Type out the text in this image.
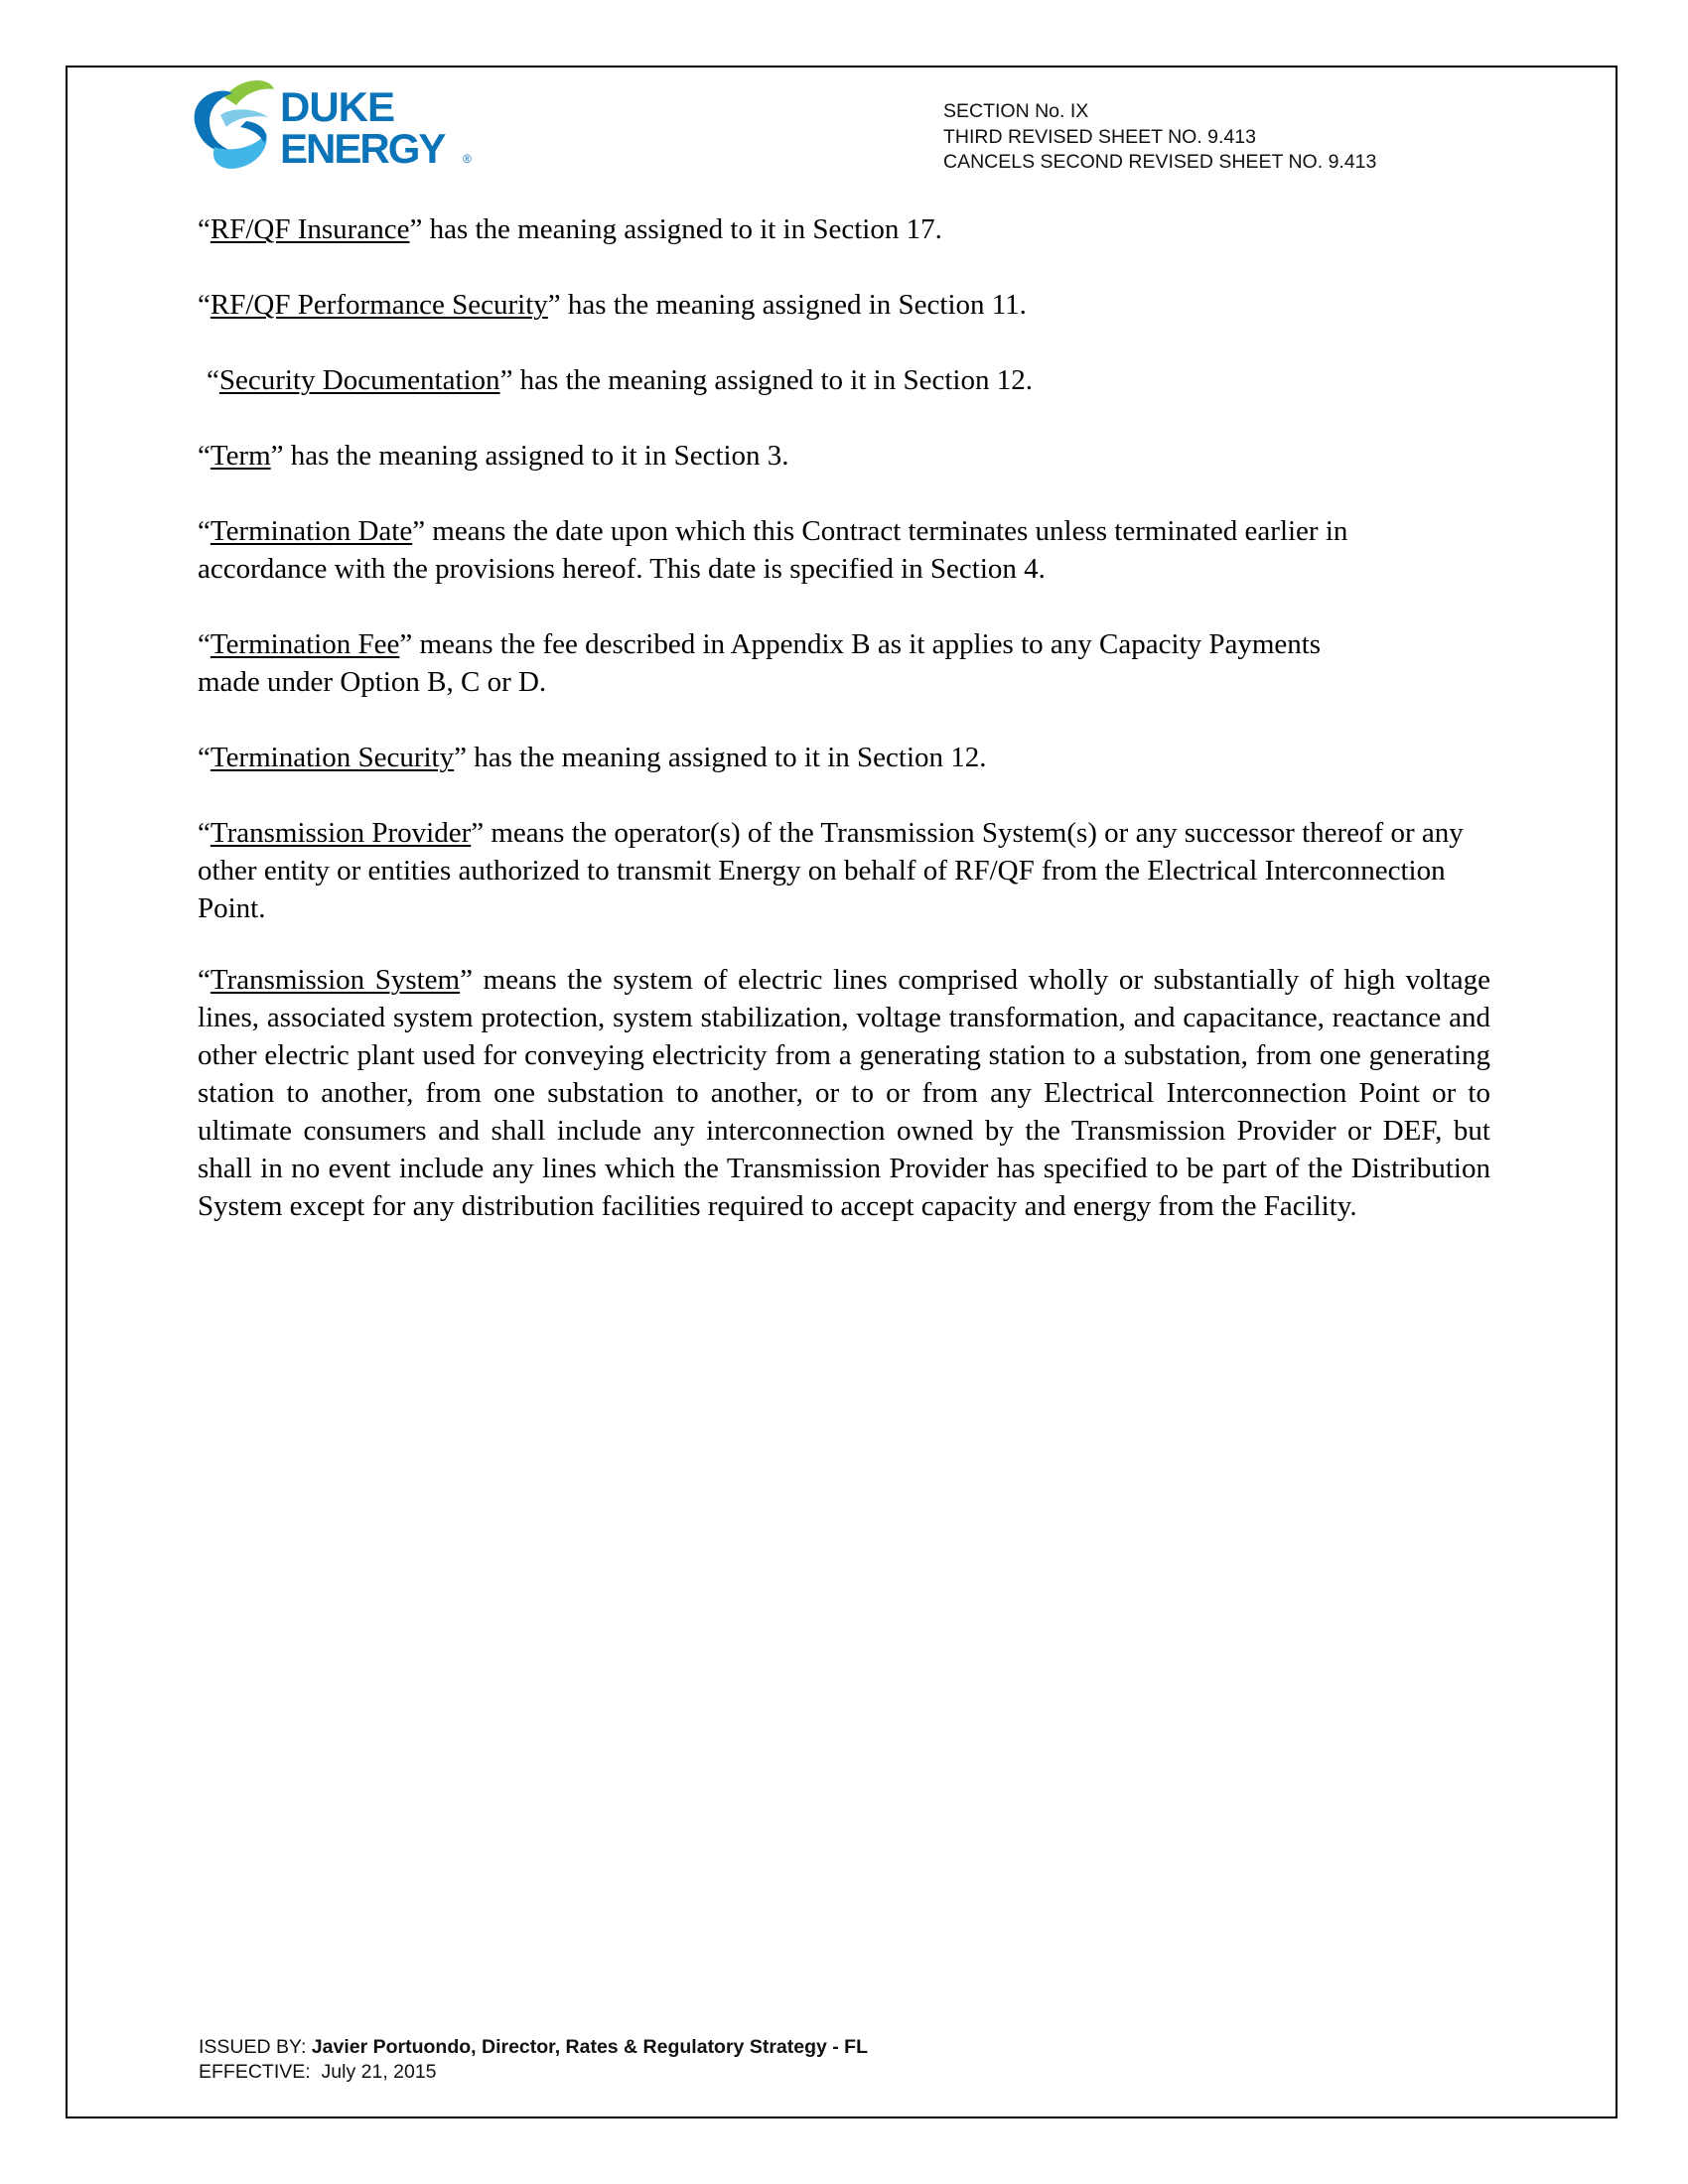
DUKE
ENERGY ®
SECTION No. IX
THIRD REVISED SHEET NO. 9.413
CANCELS SECOND REVISED SHEET NO. 9.413

“RF/QF Insurance” has the meaning assigned to it in Section 17.

“RF/QF Performance Security” has the meaning assigned in Section 11.

“Security Documentation” has the meaning assigned to it in Section 12.

“Term” has the meaning assigned to it in Section 3.

“Termination Date” means the date upon which this Contract terminates unless terminated earlier in accordance with the provisions hereof. This date is specified in Section 4.

“Termination Fee” means the fee described in Appendix B as it applies to any Capacity Payments made under Option B, C or D.

“Termination Security” has the meaning assigned to it in Section 12.

“Transmission Provider” means the operator(s) of the Transmission System(s) or any successor thereof or any other entity or entities authorized to transmit Energy on behalf of RF/QF from the Electrical Interconnection Point.

“Transmission System” means the system of electric lines comprised wholly or substantially of high voltage lines, associated system protection, system stabilization, voltage transformation, and capacitance, reactance and other electric plant used for conveying electricity from a generating station to a substation, from one generating station to another, from one substation to another, or to or from any Electrical Interconnection Point or to ultimate consumers and shall include any interconnection owned by the Transmission Provider or DEF, but shall in no event include any lines which the Transmission Provider has specified to be part of the Distribution System except for any distribution facilities required to accept capacity and energy from the Facility.

ISSUED BY: Javier Portuondo, Director, Rates & Regulatory Strategy - FL
EFFECTIVE: July 21, 2015
